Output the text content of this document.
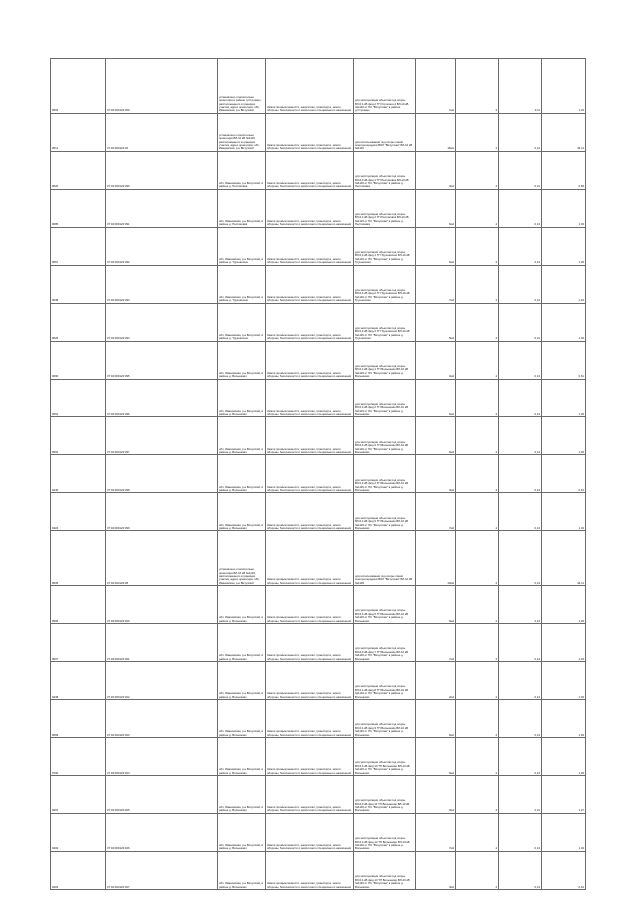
9503	37:02:000123:369	установлено относительно ориентира в районе д.Строкино, расположенного в границах участка, адрес ориентира: обл. Ивановская, р-н Вичугский	Земли промышленности, энергетики, транспорта, земли обороны, безопасности и земли иного специального назначения	для эксплуатации объектов под опоры ВЛ-0,4 кВ фид.2 ТП Строкино-2 ВЛ-10 кВ №1119 от ПС "Вичугская" в районе д.Строкино	7м2	4	0,11	1,43
9514	37:02:000123:36	установлено относительно ориентира ВЛ-10 кВ №1119, расположенного в границах участка, адрес ориентира: обл. Ивановская, р-н Вичугский	Земли промышленности, энергетики, транспорта, земли обороны, безопасности и земли иного специального назначения	для использования под опоры линии электропередачи ВОЛ "Вичугская" ВЛ-10 кВ №1119	16м2	4	0,13	34,11
9620	37:02:000123:390	обл. Ивановская, р-н Вичугский, в районе д. Пестяковка	Земли промышленности, энергетики, транспорта, земли обороны, безопасности и земли иного специального назначения	для эксплуатации объектов под опоры ВЛ-0,4 кВ фид.1 ТП Пестяковка ВЛ-10 кВ №1119 от ПС "Вичугская" в районе д. Пестяковка	4м2	4	0,13	0,83
9685	37:02:000123:391	обл. Ивановская, р-н Вичугский, в районе д. Пестяковка	Земли промышленности, энергетики, транспорта, земли обороны, безопасности и земли иного специального назначения	для эксплуатации объектов под опоры ВЛ-0,4 кВ фид.2 ТП Пестяковка ВЛ-10 кВ №1119 от ПС "Вичугская" в районе д. Пестяковка	6м2	4	0,13	1,33
9657	37:02:000123:392	обл. Ивановская, р-н Вичугский, в районе д. Трушнихино	Земли промышленности, энергетики, транспорта, земли обороны, безопасности и земли иного специального назначения	для эксплуатации объектов под опоры ВЛ-0,4 кВ фид.1 ТП Трушнихино ВЛ-10 кВ №1119 от ПС "Вичугская" в районе д. Трушнихино	6м2	4	2,13	1,93
9638	37:02:000123:393	обл. Ивановская, р-н Вичугский, в районе д. Трушнихино	Земли промышленности, энергетики, транспорта, земли обороны, безопасности и земли иного специального назначения	для эксплуатации объектов под опоры ВЛ-0,4 кВ фид.2 ТП Трушнихино ВЛ-10 кВ №1119 от ПС "Вичугская" в районе д. Трушнихино	7м2	4	0,13	1,43
9625	37:02:000123:394	обл. Ивановская, р-н Вичугский, в районе д. Трушнихино	Земли промышленности, энергетики, транспорта, земли обороны, безопасности и земли иного специального назначения	для эксплуатации объектов под опоры ВЛ-0,4 кВ фид.3 ТП Трушнихино ВЛ-10 кВ №1119 от ПС "Вичугская" в районе д. Трушнихино	5м2	4	0,13	1,03
9690	37:02:000123:395	обл. Ивановская, р-н Вичугский, в районе д. Волынково	Земли промышленности, энергетики, транспорта, земли обороны, безопасности и земли иного специального назначения	для эксплуатации объектов под опоры ВЛ-0,4 кВ фид.1 ТП Волынково ВЛ-10 кВ №1119 от ПС "Вичугская" в районе д. Волынково	3м2	4	0,13	0,61
9591	37:02:000123:396	обл. Ивановская, р-н Вичугский, в районе д. Волынково	Земли промышленности, энергетики, транспорта, земли обороны, безопасности и земли иного специального назначения	для эксплуатации объектов под опоры ВЛ-0,4 кВ фид.2 ТП Волынково ВЛ-10 кВ №1119 от ПС "Вичугская" в районе д. Волынково	6м2	4	0,13	1,93
9592	37:02:000123:397	обл. Ивановская, р-н Вичугский, в районе д. Волынково	Земли промышленности, энергетики, транспорта, земли обороны, безопасности и земли иного специального назначения	для эксплуатации объектов под опоры ВЛ-0,4 кВ фид.3 ТП Волынково ВЛ-10 кВ №1119 от ПС "Вичугская" в районе д. Волынково	6м2	4	0,13	1,93
9440	37:02:000123:398	обл. Ивановская, р-н Вичугский, в районе д. Волынково	Земли промышленности, энергетики, транспорта, земли обороны, безопасности и земли иного специального назначения	для эксплуатации объектов под опоры ВЛ-0,4 кВ фид.4 ТП Волынково ВЛ-10 кВ №1119 от ПС "Вичугская" в районе д. Волынково	3м2	4	0,13	0,61
9424	37:02:000123:399	обл. Ивановская, р-н Вичугский, в районе д. Волынково	Земли промышленности, энергетики, транспорта, земли обороны, безопасности и земли иного специального назначения	для эксплуатации объектов под опоры ВЛ-0,4 кВ фид.5 ТП Волынково ВЛ-10 кВ №1119 от ПС "Вичугская" в районе д. Волынково	7м2	4	0,13	1,43
9535	37:02:000123:38	установлено относительно ориентира ВЛ-10 кВ №1120, расположенного в границах участка, адрес ориентира: обл. Ивановская, р-н Вичугский	Земли промышленности, энергетики, транспорта, земли обороны, безопасности и земли иного специального назначения	для использования под опоры линии электропередачи ВОЛ "Вичугская" ВЛ-10 кВ №1120	16м2	4	0,13	34,11
9595	37:02:000123:400	обл. Ивановская, р-н Вичугский, в районе д. Волынково	Земли промышленности, энергетики, транспорта, земли обороны, безопасности и земли иного специального назначения	для эксплуатации объектов под опоры ВЛ-0,4 кВ фид.6 ТП Волынково ВЛ-10 кВ №1119 от ПС "Вичугская" в районе д. Волынково	6м2	4	2,13	1,93
9597	37:02:000123:401	обл. Ивановская, р-н Вичугский, в районе д. Волынково	Земли промышленности, энергетики, транспорта, земли обороны, безопасности и земли иного специального назначения	для эксплуатации объектов под опоры ВЛ-0,4 кВ фид.7 ТП Волынково ВЛ-10 кВ №1119 от ПС "Вичугская" в районе д. Волынково	7м2	4	0,13	1,43
9438	37:02:000123:402	обл. Ивановская, р-н Вичугский, в районе д. Волынково	Земли промышленности, энергетики, транспорта, земли обороны, безопасности и земли иного специального назначения	для эксплуатации объектов под опоры ВЛ-0,4 кВ фид.8 ТП Волынково ВЛ-10 кВ №1119 от ПС "Вичугская" в районе д. Волынково	2м2	4	0,13	1,49
9699	37:02:000123:403	обл. Ивановская, р-н Вичугский, в районе д. Волынково	Земли промышленности, энергетики, транспорта, земли обороны, безопасности и земли иного специального назначения	для эксплуатации объектов под опоры ВЛ-0,4 кВ фид.9 ТП Волынково ВЛ-10 кВ №1119 от ПС "Вичугская" в районе д. Волынково	6м2	4	0,13	1,93
9700	37:02:000123:404	обл. Ивановская, р-н Вичугский, в районе д. Волынково	Земли промышленности, энергетики, транспорта, земли обороны, безопасности и земли иного специального назначения	для эксплуатации объектов под опоры ВЛ-0,4 кВ фид.10 ТП Волынково ВЛ-10 кВ №1119 от ПС "Вичугская" в районе д. Волынково	6м2	4	0,13	1,93
9401	37:02:000123:405	обл. Ивановская, р-н Вичугский, в районе д. Волынково	Земли промышленности, энергетики, транспорта, земли обороны, безопасности и земли иного специального назначения	для эксплуатации объектов под опоры ВЛ-0,4 кВ фид.11 ТП Волынково ВЛ-10 кВ №1119 от ПС "Вичугская" в районе д. Волынково	3м2	4	2,13	1,27
9402	37:02:000123:406	обл. Ивановская, р-н Вичугский, в районе д. Волынково	Земли промышленности, энергетики, транспорта, земли обороны, безопасности и земли иного специального назначения	для эксплуатации объектов под опоры ВЛ-0,4 кВ фид.12 ТП Волынково ВЛ-10 кВ №1119 от ПС "Вичугская" в районе д. Волынково	7м2	4	0,13	1,43
9403	37:02:000123:407	обл. Ивановская, р-н Вичугский, в районе д. Волынково	Земли промышленности, энергетики, транспорта, земли обороны, безопасности и земли иного специального назначения	для эксплуатации объектов под опоры ВЛ-0,4 кВ фид.13 ТП Волынково ВЛ-10 кВ №1119 от ПС "Вичугская" в районе д. Волынково	3м2	4	0,13	0,61
